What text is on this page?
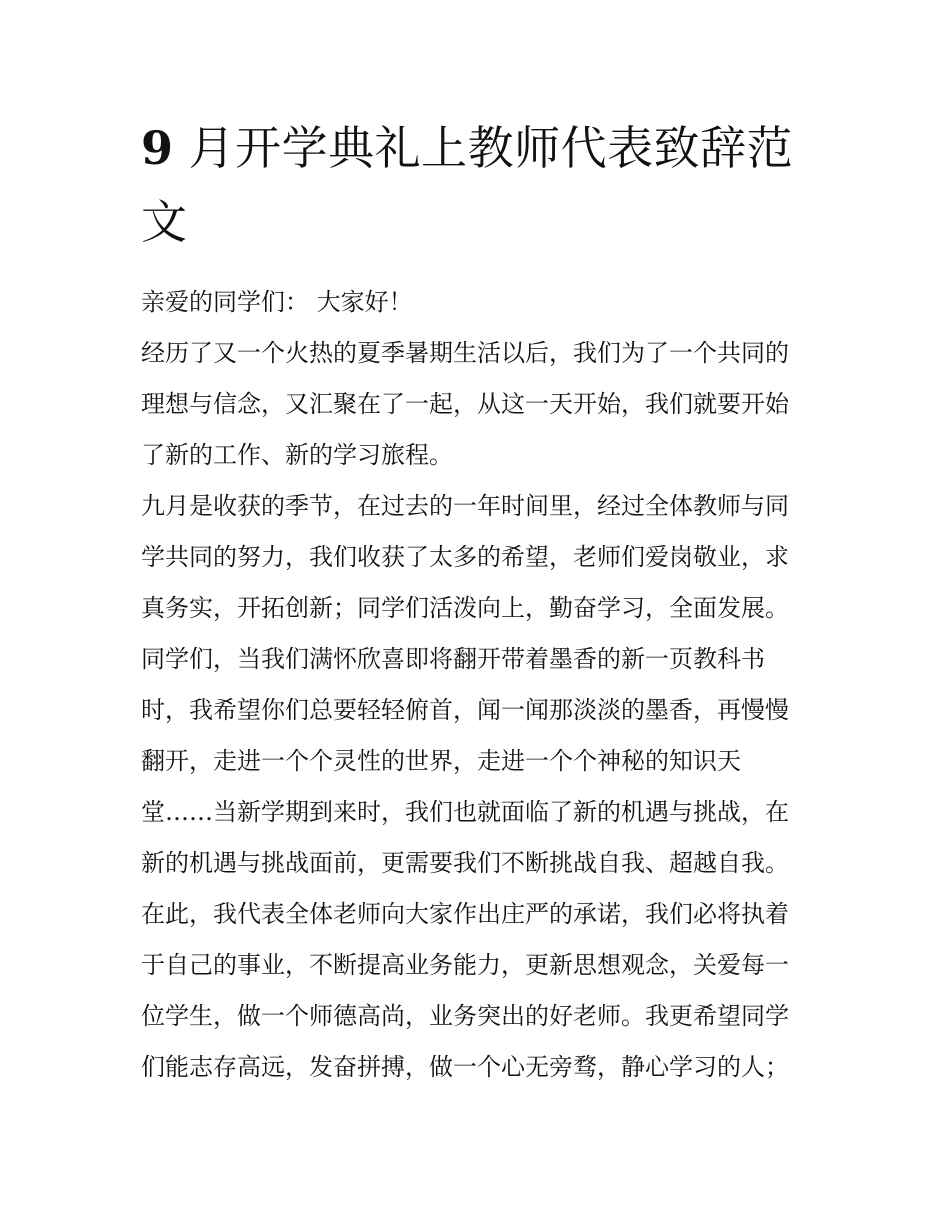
9 月开学典礼上教师代表致辞范文
亲爱的同学们： 大家好！
经历了又一个火热的夏季暑期生活以后，我们为了一个共同的
理想与信念，又汇聚在了一起，从这一天开始，我们就要开始
了新的工作、新的学习旅程。
九月是收获的季节，在过去的一年时间里，经过全体教师与同
学共同的努力，我们收获了太多的希望，老师们爱岗敬业，求
真务实，开拓创新；同学们活泼向上，勤奋学习，全面发展。
同学们，当我们满怀欣喜即将翻开带着墨香的新一页教科书
时，我希望你们总要轻轻俯首，闻一闻那淡淡的墨香，再慢慢
翻开，走进一个个灵性的世界，走进一个个神秘的知识天
堂……当新学期到来时，我们也就面临了新的机遇与挑战，在
新的机遇与挑战面前，更需要我们不断挑战自我、超越自我。
在此，我代表全体老师向大家作出庄严的承诺，我们必将执着
于自己的事业，不断提高业务能力，更新思想观念，关爱每一
位学生，做一个师德高尚，业务突出的好老师。我更希望同学
们能志存高远，发奋拼搏，做一个心无旁骛，静心学习的人；
